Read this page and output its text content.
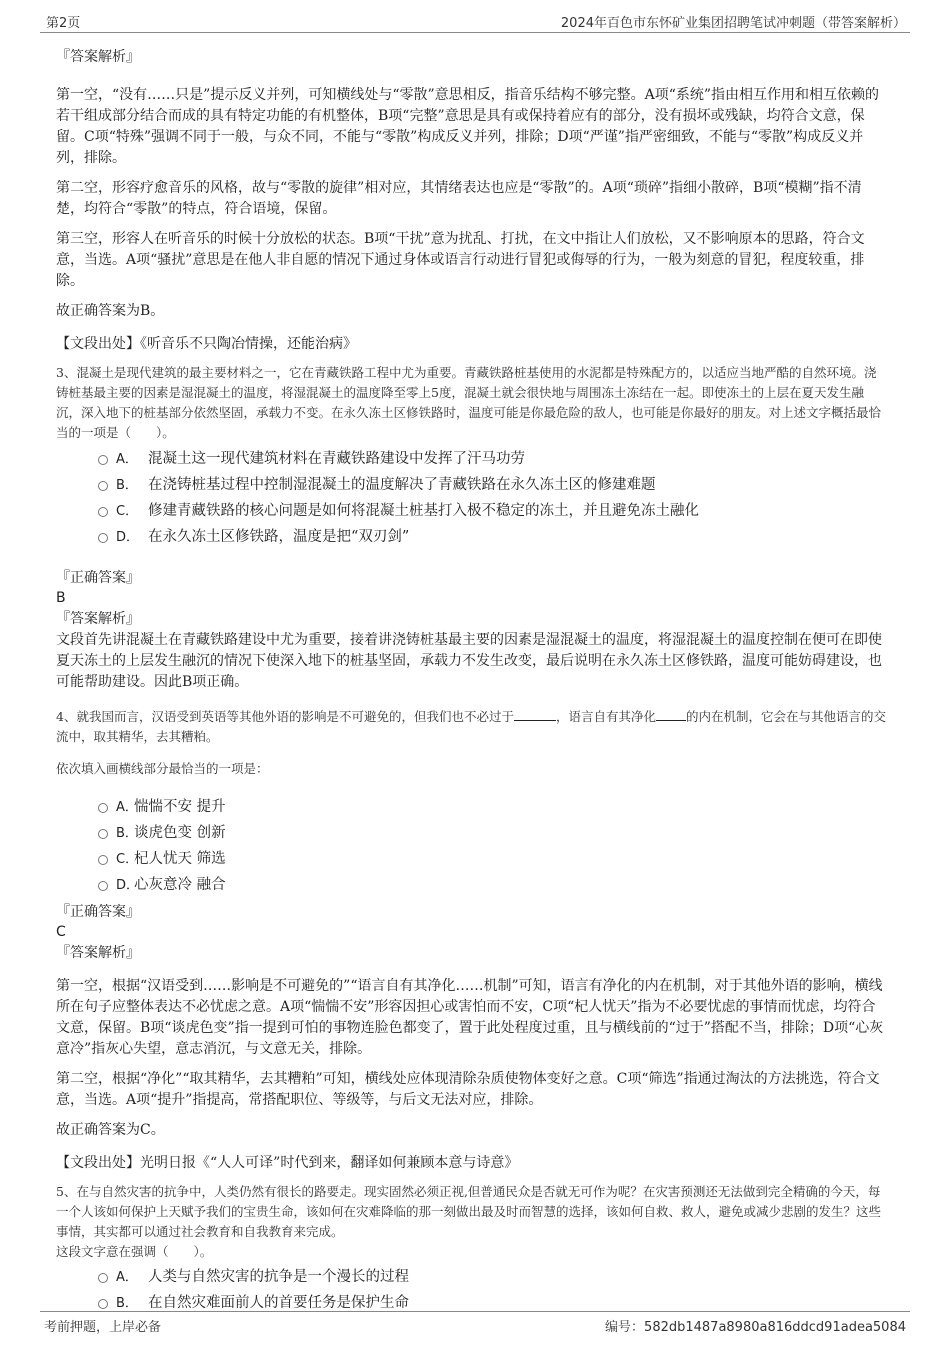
第2页	2024年百色市东怀矿业集团招聘笔试冲刺题（带答案解析）

『答案解析』

第一空，“没有……只是”提示反义并列，可知横线处与“零散”意思相反，指音乐结构不够完整。A项“系统”指由相互作用和相互依赖的若干组成部分结合而成的具有特定功能的有机整体，B项“完整”意思是具有或保持着应有的部分，没有损坏或残缺，均符合文意，保留。C项“特殊”强调不同于一般，与众不同，不能与“零散”构成反义并列，排除；D项“严谨”指严密细致，不能与“零散”构成反义并列，排除。

第二空，形容疗愈音乐的风格，故与“零散的旋律”相对应，其情绪表达也应是“零散”的。A项“琐碎”指细小散碎，B项“模糊”指不清楚，均符合“零散”的特点，符合语境，保留。

第三空，形容人在听音乐的时候十分放松的状态。B项“干扰”意为扰乱、打扰，在文中指让人们放松，又不影响原本的思路，符合文意，当选。A项“骚扰”意思是在他人非自愿的情况下通过身体或语言行动进行冒犯或侮辱的行为，一般为刻意的冒犯，程度较重，排除。

故正确答案为B。

【文段出处】《听音乐不只陶冶情操，还能治病》

3、混凝土是现代建筑的最主要材料之一，它在青藏铁路工程中尤为重要。青藏铁路桩基使用的水泥都是特殊配方的，以适应当地严酷的自然环境。浇铸桩基最主要的因素是湿混凝土的温度，将湿混凝土的温度降至零上5度，混凝土就会很快地与周围冻土冻结在一起。即使冻土的上层在夏天发生融沉，深入地下的桩基部分依然坚固，承载力不变。在永久冻土区修铁路时，温度可能是你最危险的敌人，也可能是你最好的朋友。对上述文字概括最恰当的一项是（　　）。

A． 混凝土这一现代建筑材料在青藏铁路建设中发挥了汗马功劳
B． 在浇铸桩基过程中控制湿混凝土的温度解决了青藏铁路在永久冻土区的修建难题
C． 修建青藏铁路的核心问题是如何将混凝土桩基打入极不稳定的冻土，并且避免冻土融化
D． 在永久冻土区修铁路，温度是把“双刃剑”

『正确答案』

B

『答案解析』

文段首先讲混凝土在青藏铁路建设中尤为重要，接着讲浇铸桩基最主要的因素是湿混凝土的温度，将湿混凝土的温度控制在便可在即使夏天冻土的上层发生融沉的情况下使深入地下的桩基坚固，承载力不发生改变，最后说明在永久冻土区修铁路，温度可能妨碍建设，也可能帮助建设。因此B项正确。

4、就我国而言，汉语受到英语等其他外语的影响是不可避免的，但我们也不必过于	，语言自有其净化 的内在机制，它会在与其他语言的交流中，取其精华，去其糟粕。

依次填入画横线部分最恰当的一项是：

A．惴惴不安 提升
B．谈虎色变 创新
C．杞人忧天 筛选
D．心灰意冷 融合

『正确答案』

C

『答案解析』

第一空，根据“汉语受到……影响是不可避免的”“语言自有其净化……机制”可知，语言有净化的内在机制，对于其他外语的影响，横线所在句子应整体表达不必忧虑之意。A项“惴惴不安”形容因担心或害怕而不安，C项“杞人忧天”指为不必要忧虑的事情而忧虑，均符合文意，保留。B项“谈虎色变”指一提到可怕的事物连脸色都变了，置于此处程度过重，且与横线前的“过于”搭配不当，排除；D项“心灰意冷”指灰心失望，意志消沉，与文意无关，排除。

第二空，根据“净化”“取其精华，去其糟粕”可知，横线处应体现清除杂质使物体变好之意。C项“筛选”指通过淘汰的方法挑选，符合文意，当选。A项“提升”指提高，常搭配职位、等级等，与后文无法对应，排除。

故正确答案为C。

【文段出处】光明日报《“人人可译”时代到来，翻译如何兼顾本意与诗意》

5、在与自然灾害的抗争中，人类仍然有很长的路要走。现实固然必须正视,但普通民众是否就无可作为呢？在灾害预测还无法做到完全精确的今天，每一个人该如何保护上天赋予我们的宝贵生命，该如何在灾难降临的那一刻做出最及时而智慧的选择，该如何自救、救人，避免或减少悲剧的发生？这些事情，其实都可以通过社会教育和自我教育来完成。

这段文字意在强调（　　）。

A． 人类与自然灾害的抗争是一个漫长的过程
B． 在自然灾难面前人的首要任务是保护生命
考前押题，上岸必备	编号：582db1487a8980a816ddcd91adea5084
